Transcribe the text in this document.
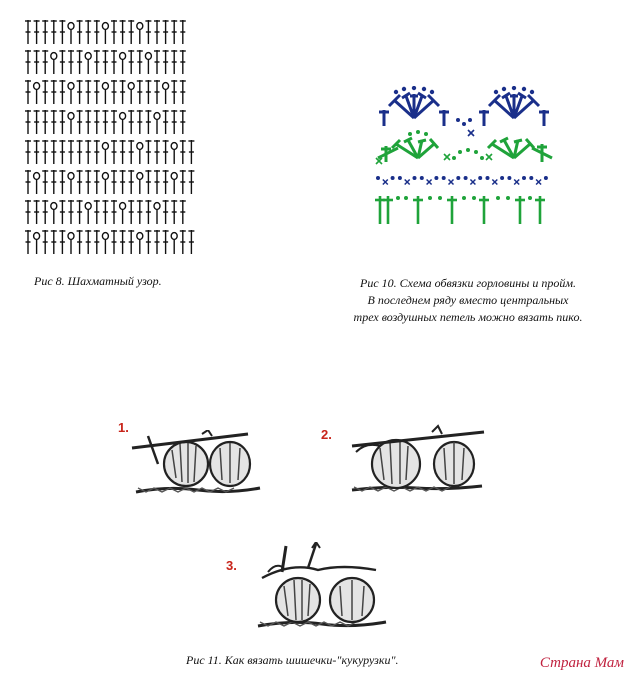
Рис 8. Шахматный узор.	Рис 10. Схема обвязки горловины и пройм.
В последнем ряду вместо центральных
трех воздушных петель можно вязать пико.
1.	2.
3.
Рис 11. Как вязать шишечки-"кукурузки".	Страна Мам
